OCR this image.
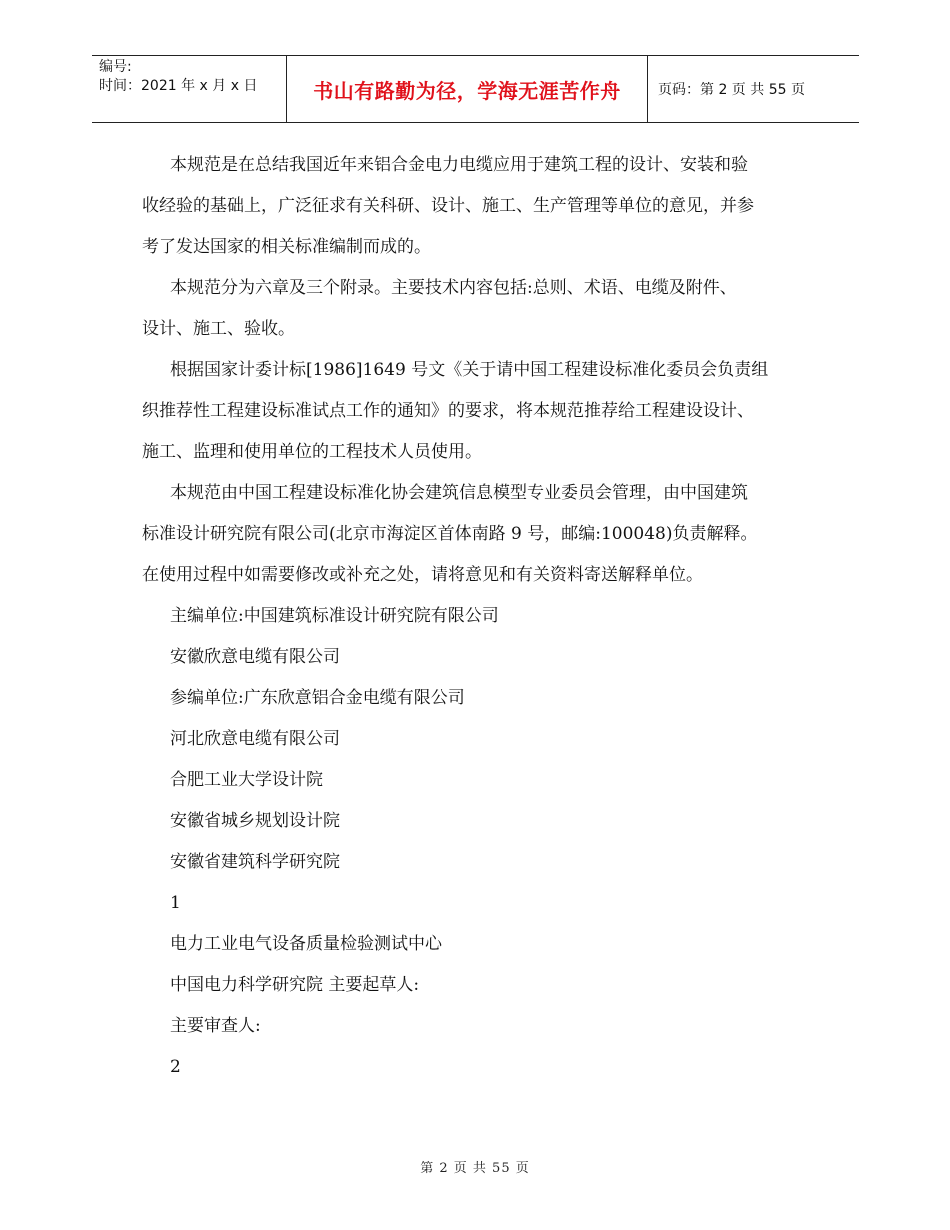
编号:
时间：2021 年 x 月 x 日	书山有路勤为径，学海无涯苦作舟	页码：第 2 页 共 55 页
本规范是在总结我国近年来铝合金电力电缆应用于建筑工程的设计、安装和验
收经验的基础上，广泛征求有关科研、设计、施工、生产管理等单位的意见，并参
考了发达国家的相关标准编制而成的。
本规范分为六章及三个附录。主要技术内容包括:总则、术语、电缆及附件、
设计、施工、验收。
根据国家计委计标[1986]1649 号文《关于请中国工程建设标准化委员会负责组
织推荐性工程建设标准试点工作的通知》的要求，将本规范推荐给工程建设设计、
施工、监理和使用单位的工程技术人员使用。
本规范由中国工程建设标准化协会建筑信息模型专业委员会管理，由中国建筑
标准设计研究院有限公司(北京市海淀区首体南路 9 号，邮编:100048)负责解释。
在使用过程中如需要修改或补充之处，请将意见和有关资料寄送解释单位。
主编单位:中国建筑标准设计研究院有限公司
安徽欣意电缆有限公司
参编单位:广东欣意铝合金电缆有限公司
河北欣意电缆有限公司
合肥工业大学设计院
安徽省城乡规划设计院
安徽省建筑科学研究院
1
电力工业电气设备质量检验测试中心
中国电力科学研究院 主要起草人:
主要审查人:
2
第 2 页 共 55 页
